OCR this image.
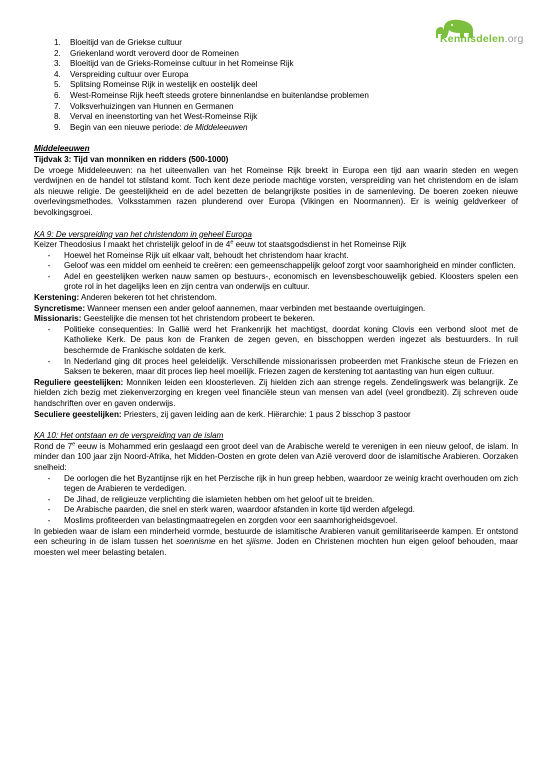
Kennisdelen.org
1.	Bloeitijd van de Griekse cultuur
2.	Griekenland wordt veroverd door de Romeinen
3.	Bloeitijd van de Grieks-Romeinse cultuur in het Romeinse Rijk
4.	Verspreiding cultuur over Europa
5.	Splitsing Romeinse Rijk in westelijk en oostelijk deel
6.	West-Romeinse Rijk heeft steeds grotere binnenlandse en buitenlandse problemen
7.	Volksverhuizingen van Hunnen en Germanen
8.	Verval en ineenstorting van het West-Romeinse Rijk
9.	Begin van een nieuwe periode: de Middeleeuwen
Middeleeuwen
Tijdvak 3: Tijd van monniken en ridders (500-1000)

De vroege Middeleeuwen: na het uiteenvallen van het Romeinse Rijk breekt in Europa een tijd aan waarin steden en wegen verdwijnen en de handel tot stilstand komt. Toch kent deze periode machtige vorsten, verspreiding van het christendom en de islam als nieuwe religie. De geestelijkheid en de adel bezetten de belangrijkste posities in de samenleving. De boeren zoeken nieuwe overlevingsmethodes. Volksstammen razen plunderend over Europa (Vikingen en Noormannen). Er is weinig geldverkeer of bevolkingsgroei.

KA 9: De verspreiding van het christendom in geheel Europa

Keizer Theodosius I maakt het christelijk geloof in de 4e eeuw tot staatsgodsdienst in het Romeinse Rijk

-	Hoewel het Romeinse Rijk uit elkaar valt, behoudt het christendom haar kracht.
-	Geloof was een middel om eenheid te creëren: een gemeenschappelijk geloof zorgt voor saamhorigheid en minder conflicten.
-	Adel en geestelijken werken nauw samen op bestuurs-, economisch en levensbeschouwelijk gebied. Kloosters spelen een grote rol in het dagelijks leen en zijn centra van onderwijs en cultuur.

Kerstening: Anderen bekeren tot het christendom.

Syncretisme: Wanneer mensen een ander geloof aannemen, maar verbinden met bestaande overtuigingen.

Missionaris: Geestelijke die mensen tot het christendom probeert te bekeren.

-	Politieke consequenties: In Gallië werd het Frankenrijk het machtigst, doordat koning Clovis een verbond sloot met de Katholieke Kerk. De paus kon de Franken de zegen geven, en bisschoppen werden ingezet als bestuurders. In ruil beschermde de Frankische soldaten de kerk.
-	In Nederland ging dit proces heel geleidelijk. Verschillende missionarissen probeerden met Frankische steun de Friezen en Saksen te bekeren, maar dit proces liep heel moeilijk. Friezen zagen de kerstening tot aantasting van hun eigen cultuur.

Reguliere geestelijken: Monniken leiden een kloosterleven. Zij hielden zich aan strenge regels. Zendelingswerk was belangrijk. Ze hielden zich bezig met ziekenverzorging en kregen veel financiële steun van mensen van adel (veel grondbezit). Zij schreven oude handschriften over en gaven onderwijs.

Seculiere geestelijken: Priesters, zij gaven leiding aan de kerk. Hiërarchie: 1 paus 2 bisschop 3 pastoor

KA 10: Het ontstaan en de verspreiding van de islam

Rond de 7e eeuw is Mohammed erin geslaagd een groot deel van de Arabische wereld te verenigen in een nieuw geloof, de islam. In minder dan 100 jaar zijn Noord-Afrika, het Midden-Oosten en grote delen van Azië veroverd door de islamitische Arabieren. Oorzaken snelheid:

-	De oorlogen die het Byzantijnse rijk en het Perzische rijk in hun greep hebben, waardoor ze weinig kracht overhouden om zich tegen de Arabieren te verdedigen.
-	De Jihad, de religieuze verplichting die islamieten hebben om het geloof uit te breiden.
-	De Arabische paarden, die snel en sterk waren, waardoor afstanden in korte tijd werden afgelegd.
-	Moslims profiteerden van belastingmaatregelen en zorgden voor een saamhorigheidsgevoel.

In gebieden waar de islam een minderheid vormde, bestuurde de islamitische Arabieren vanuit gemilitariseerde kampen. Er ontstond een scheuring in de islam tussen het soennisme en het sjiisme. Joden en Christenen mochten hun eigen geloof behouden, maar moesten wel meer belasting betalen.
